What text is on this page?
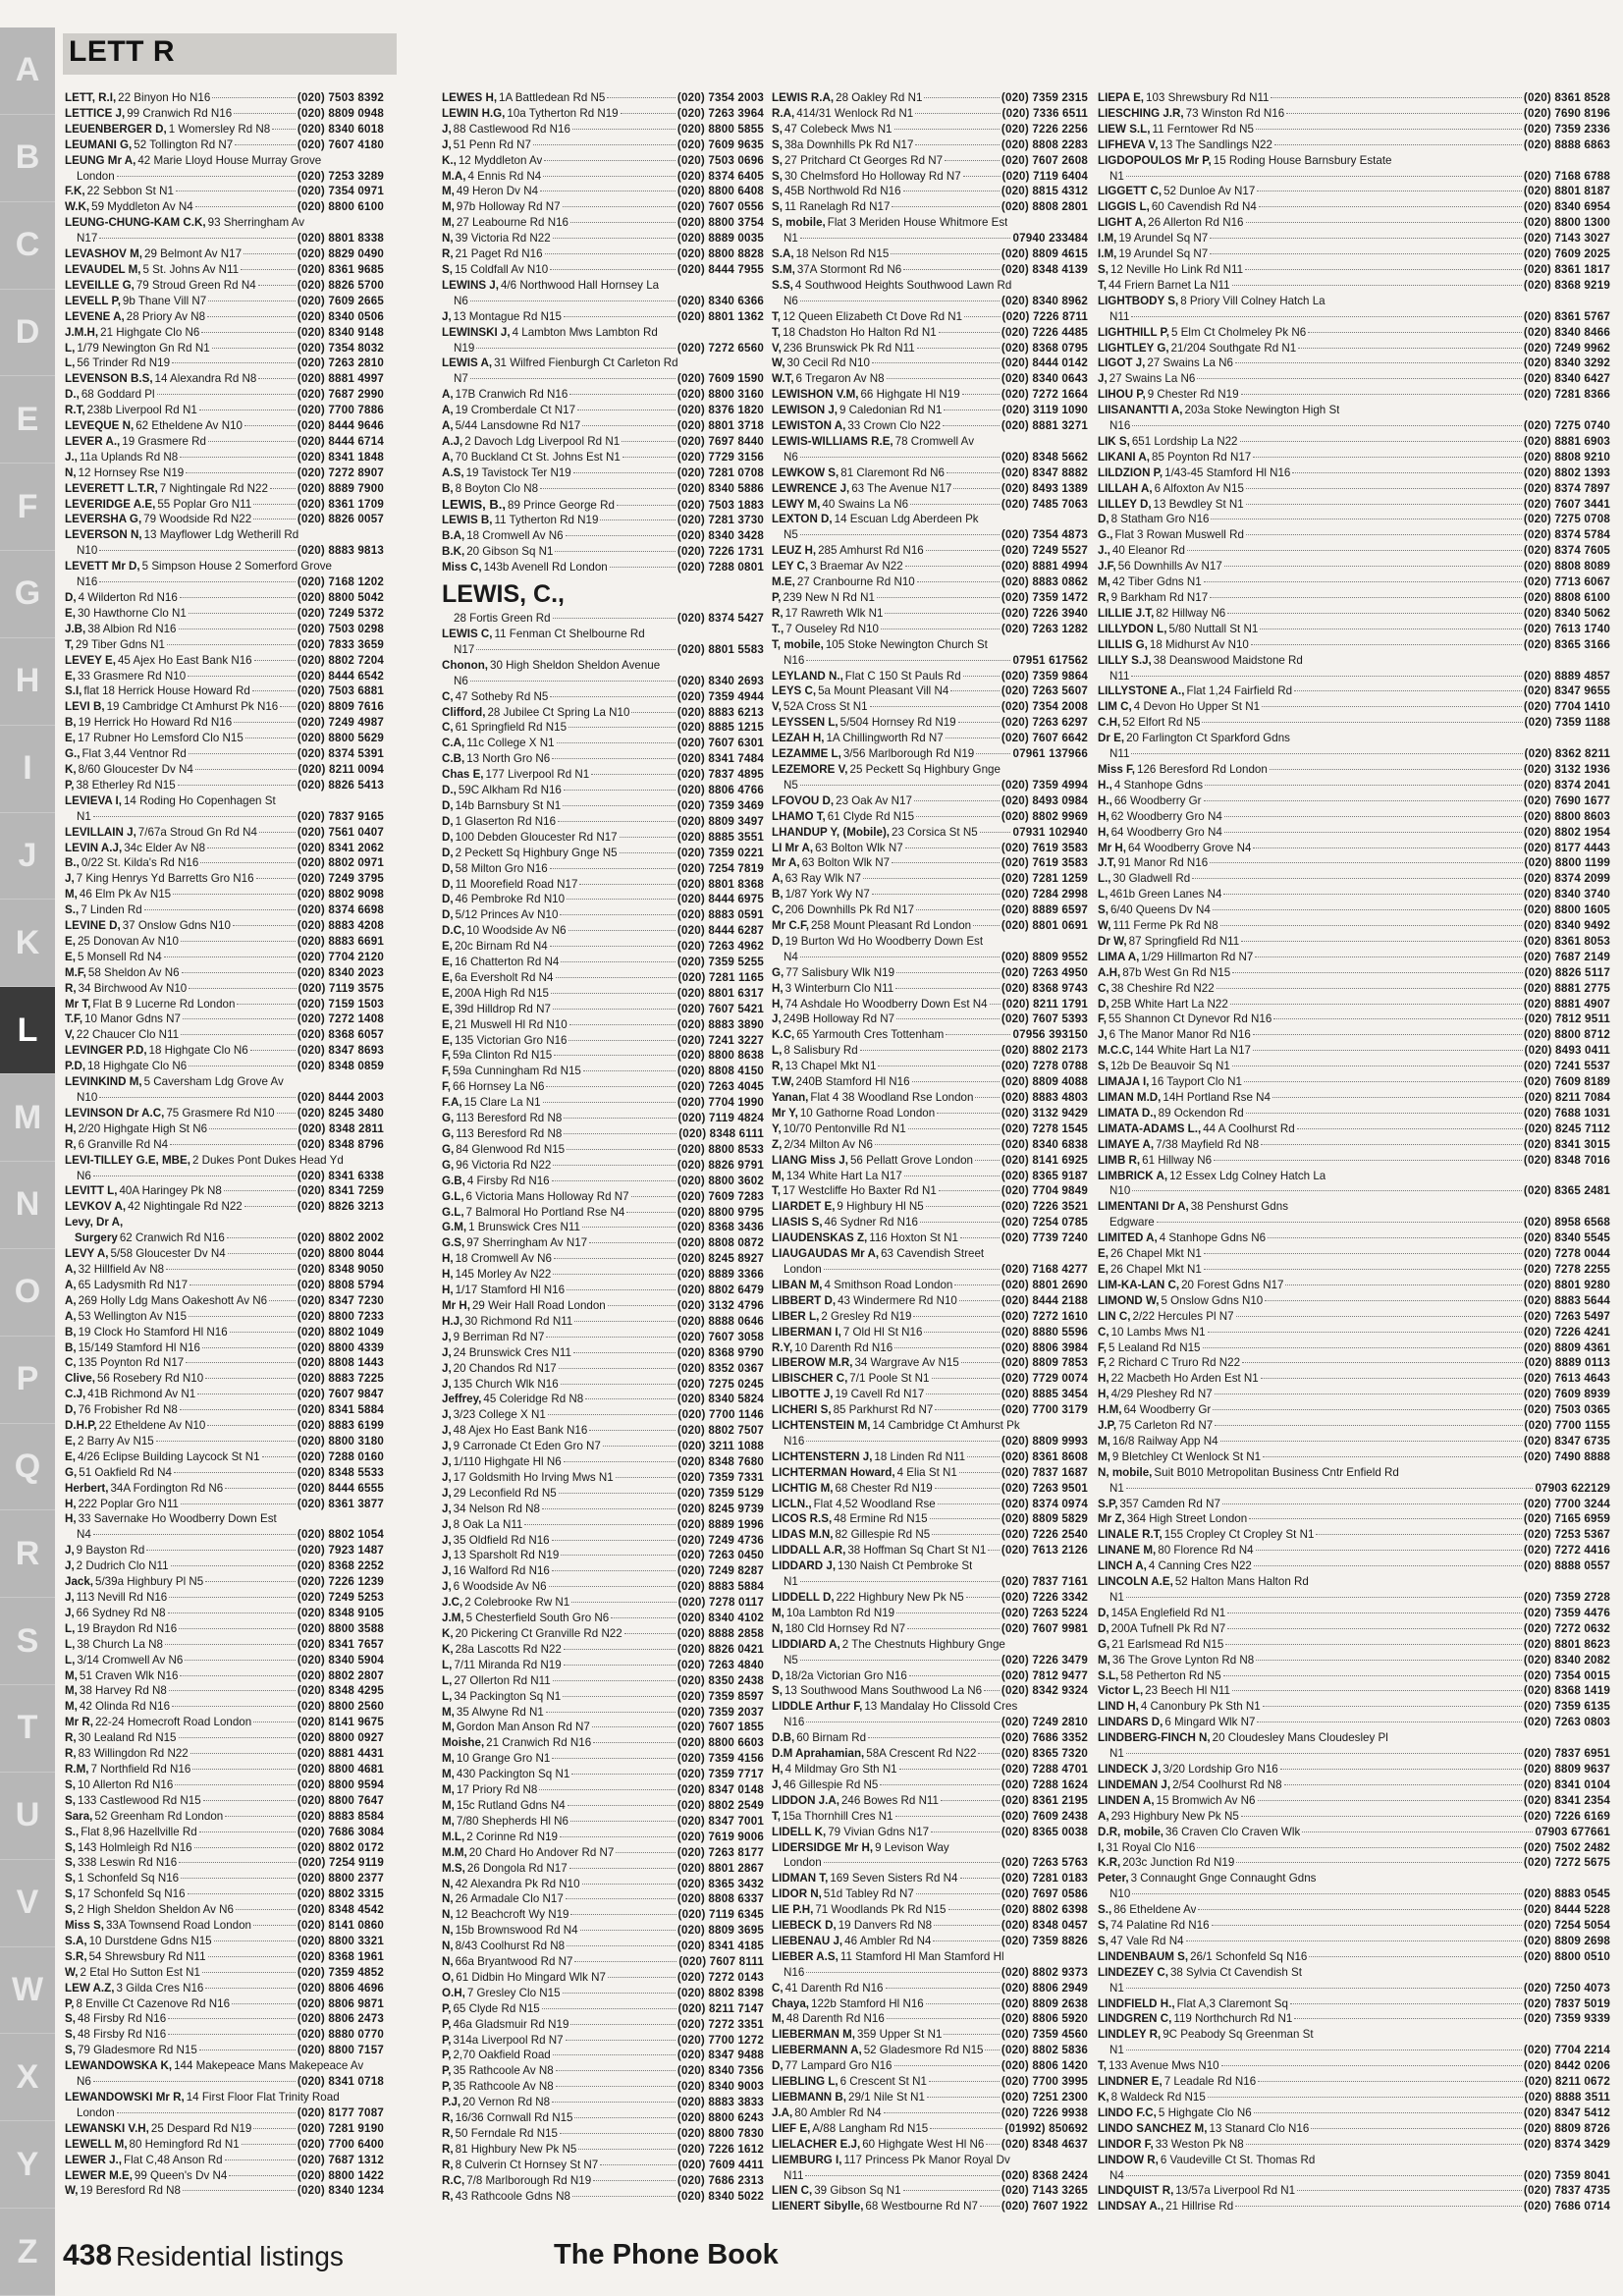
A
B
C
D
E
F
G
H
I
J
K
L
M
N
O
P
Q
R
S
T
U
V
W
X
Y
Z
LETT R
LETT, R.I, 22 Binyon Ho N16	(020) 7503 8392
LETTICE J, 99 Cranwich Rd N16	(020) 8809 0948
LEUENBERGER D, 1 Womersley Rd N8 (020) 8340 6018
LEUMANI G, 52 Tollington Rd N7	(020) 7607 4180
LEUNG Mr A, 42 Marie Lloyd House Murray Grove
London	(020) 7253 3289
F.K, 22 Sebbon St N1	(020) 7354 0971
W.K, 59 Myddleton Av N4	(020) 8800 6100
LEUNG-CHUNG-KAM C.K, 93 Sherringham Av
N17	(020) 8801 8338
LEVASHOV M, 29 Belmont Av N17	(020) 8829 0490
LEVAUDEL M, 5 St. Johns Av N11	(020) 8361 9685
LEVEILLE G, 79 Stroud Green Rd N4	(020) 8826 5700
LEVELL P, 9b Thane Vill N7	(020) 7609 2665
LEVENE A, 28 Priory Av N8	(020) 8340 0506
J.M.H, 21 Highgate Clo N6	(020) 8340 9148
L, 1/79 Newington Gn Rd N1	(020) 7354 8032
L, 56 Trinder Rd N19	(020) 7263 2810
LEVENSON B.S, 14 Alexandra Rd N8	(020) 8881 4997
D., 68 Goddard Pl	(020) 7687 2990
R.T, 238b Liverpool Rd N1	(020) 7700 7886
LEVEQUE N, 62 Etheldene Av N10	(020) 8444 9646
LEVER A., 19 Grasmere Rd	(020) 8444 6714
J., 11a Uplands Rd N8	(020) 8341 1848
N, 12 Hornsey Rse N19	(020) 7272 8907
LEVERETT L.T.R, 7 Nightingale Rd N22	(020) 8889 7900
LEVERIDGE A.E, 55 Poplar Gro N11	(020) 8361 1709
LEVERSHA G, 79 Woodside Rd N22	(020) 8826 0057
LEVERSON N, 13 Mayflower Ldg Wetherill Rd
N10	(020) 8883 9813
LEVETT Mr D, 5 Simpson House 2 Somerford Grove
N16	(020) 7168 1202
D, 4 Wilderton Rd N16	(020) 8800 5042
E, 30 Hawthorne Clo N1	(020) 7249 5372
J.B, 38 Albion Rd N16	(020) 7503 0298
T, 29 Tiber Gdns N1	(020) 7833 3659
LEVEY E, 45 Ajex Ho East Bank N16	(020) 8802 7204
E, 33 Grasmere Rd N10	(020) 8444 6542
S.I, flat 18 Herrick House Howard Rd	(020) 7503 6881
LEVI B, 19 Cambridge Ct Amhurst Pk N16 (020) 8809 7616
B, 19 Herrick Ho Howard Rd N16	(020) 7249 4987
E, 17 Rubner Ho Lemsford Clo N15	(020) 8800 5629
G., Flat 3,44 Ventnor Rd	(020) 8374 5391
K, 8/60 Gloucester Dv N4	(020) 8211 0094
P, 38 Etherley Rd N15	(020) 8826 5413
LEVIEVA I, 14 Roding Ho Copenhagen St
N1	(020) 7837 9165
LEVILLAIN J, 7/67a Stroud Gn Rd N4	(020) 7561 0407
LEVIN A.J, 34c Elder Av N8	(020) 8341 2062
B., 0/22 St. Kilda's Rd N16	(020) 8802 0971
J, 7 King Henrys Yd Barretts Gro N16	(020) 7249 3795
M, 46 Elm Pk Av N15	(020) 8802 9098
S., 7 Linden Rd	(020) 8374 6698
LEVINE D, 37 Onslow Gdns N10	(020) 8883 4208
E, 25 Donovan Av N10	(020) 8883 6691
E, 5 Monsell Rd N4	(020) 7704 2120
M.F, 58 Sheldon Av N6	(020) 8340 2023
R, 34 Birchwood Av N10	(020) 7119 3575
Mr T, Flat B 9 Lucerne Rd London	(020) 7159 1503
T.F, 10 Manor Gdns N7	(020) 7272 1408
V, 22 Chaucer Clo N11	(020) 8368 6057
LEVINGER P.D, 18 Highgate Clo N6	(020) 8347 8693
P.D, 18 Highgate Clo N6	(020) 8348 0859
LEVINKIND M, 5 Caversham Ldg Grove Av
N10	(020) 8444 2003
LEVINSON Dr A.C, 75 Grasmere Rd N10 (020) 8245 3480
H, 2/20 Highgate High St N6	(020) 8348 2811
R, 6 Granville Rd N4	(020) 8348 8796
LEVI-TILLEY G.E, MBE, 2 Dukes Pont Dukes Head Yd
N6	(020) 8341 6338
LEVITT L, 40A Haringey Pk N8	(020) 8341 7259
LEVKOV A, 42 Nightingale Rd N22	(020) 8826 3213
Levy, Dr A,
Surgery 62 Cranwich Rd N16	(020) 8802 2002
LEVY A, 5/58 Gloucester Dv N4	(020) 8800 8044
A, 32 Hillfield Av N8	(020) 8348 9050
A, 65 Ladysmith Rd N17	(020) 8808 5794
A, 269 Holly Ldg Mans Oakeshott Av N6	(020) 8347 7230
A, 53 Wellington Av N15	(020) 8800 7233
B, 19 Clock Ho Stamford Hl N16	(020) 8802 1049
B, 15/149 Stamford Hl N16	(020) 8800 4339
C, 135 Poynton Rd N17	(020) 8808 1443
Clive, 56 Rosebery Rd N10	(020) 8883 7225
C.J, 41B Richmond Av N1	(020) 7607 9847
D, 76 Frobisher Rd N8	(020) 8341 5884
D.H.P, 22 Etheldene Av N10	(020) 8883 6199
E, 2 Barry Av N15	(020) 8800 3180
E, 4/26 Eclipse Building Laycock St N1	(020) 7288 0160
G, 51 Oakfield Rd N4	(020) 8348 5533
Herbert, 34A Fordington Rd N6	(020) 8444 6555
H, 222 Poplar Gro N11	(020) 8361 3877
H, 33 Savernake Ho Woodberry Down Est
N4	(020) 8802 1054
J, 9 Bayston Rd	(020) 7923 1487
J, 2 Dudrich Clo N11	(020) 8368 2252
Jack, 5/39a Highbury Pl N5	(020) 7226 1239
J, 113 Nevill Rd N16	(020) 7249 5253
J, 66 Sydney Rd N8	(020) 8348 9105
L, 19 Braydon Rd N16	(020) 8800 3588
L, 38 Church La N8	(020) 8341 7657
L, 3/14 Cromwell Av N6	(020) 8340 5904
M, 51 Craven Wlk N16	(020) 8802 2807
M, 38 Harvey Rd N8	(020) 8348 4295
M, 42 Olinda Rd N16	(020) 8800 2560
Mr R, 22-24 Homecroft Road London	(020) 8141 9675
R, 30 Lealand Rd N15	(020) 8800 0927
R, 83 Willingdon Rd N22	(020) 8881 4431
R.M, 7 Northfield Rd N16	(020) 8800 4681
S, 10 Allerton Rd N16	(020) 8800 9594
S, 133 Castlewood Rd N15	(020) 8800 7647
Sara, 52 Greenham Rd London	(020) 8883 8584
S., Flat 8,96 Hazellville Rd	(020) 7686 3084
S, 143 Holmleigh Rd N16	(020) 8802 0172
S, 338 Leswin Rd N16	(020) 7254 9119
S, 1 Schonfeld Sq N16	(020) 8800 2377
S, 17 Schonfeld Sq N16	(020) 8802 3315
S, 2 High Sheldon Sheldon Av N6	(020) 8348 4542
Miss S, 33A Townsend Road London	(020) 8141 0860
S.A, 10 Durstdene Gdns N15	(020) 8800 3321
S.R, 54 Shrewsbury Rd N11	(020) 8368 1961
W, 2 Etal Ho Sutton Est N1	(020) 7359 4852
LEW A.Z, 3 Gilda Cres N16	(020) 8806 4696
P, 8 Enville Ct Cazenove Rd N16	(020) 8806 9871
S, 48 Firsby Rd N16	(020) 8806 2473
S, 48 Firsby Rd N16	(020) 8880 0770
S, 79 Gladesmore Rd N15	(020) 8800 7157
LEWANDOWSKA K, 144 Makepeace Mans Makepeace Av
N6	(020) 8341 0718
LEWANDOWSKI Mr R, 14 First Floor Flat Trinity Road
London	(020) 8177 7087
LEWANSKI V.H, 25 Despard Rd N19	(020) 7281 9190
LEWELL M, 80 Hemingford Rd N1	(020) 7700 6400
LEWER J., Flat C,48 Anson Rd	(020) 7687 1312
LEWER M.E, 99 Queen's Dv N4	(020) 8800 1422
W, 19 Beresford Rd N8	(020) 8340 1234
LEWES H, 1A Battledean Rd N5	(020) 7354 2003
LEWIN H.G, 10a Tytherton Rd N19	(020) 7263 3964
J, 88 Castlewood Rd N16	(020) 8800 5855
J, 51 Penn Rd N7	(020) 7609 9635
K., 12 Myddleton Av	(020) 7503 0696
M.A, 4 Ennis Rd N4	(020) 8374 6405
M, 49 Heron Dv N4	(020) 8800 6408
M, 97b Holloway Rd N7	(020) 7607 0556
M, 27 Leabourne Rd N16	(020) 8800 3754
N, 39 Victoria Rd N22	(020) 8889 0035
R, 21 Paget Rd N16	(020) 8800 8828
S, 15 Coldfall Av N10	(020) 8444 7955
LEWINS J, 4/6 Northwood Hall Hornsey La
N6	(020) 8340 6366
J, 13 Montague Rd N15	(020) 8801 1362
LEWINSKI J, 4 Lambton Mws Lambton Rd
N19	(020) 7272 6560
LEWIS A, 31 Wilfred Fienburgh Ct Carleton Rd
N7	(020) 7609 1590
A, 17B Cranwich Rd N16	(020) 8800 3160
A, 19 Cromberdale Ct N17	(020) 8376 1820
A, 5/44 Lansdowne Rd N17	(020) 8801 3718
A.J, 2 Davoch Ldg Liverpool Rd N1	(020) 7697 8440
A, 70 Buckland Ct St. Johns Est N1	(020) 7729 3156
A.S, 19 Tavistock Ter N19	(020) 7281 0708
B, 8 Boyton Clo N8	(020) 8340 5886
LEWIS, B., 89 Prince George Rd	(020) 7503 1883
LEWIS B, 11 Tytherton Rd N19	(020) 7281 3730
B.A, 18 Cromwell Av N6	(020) 8340 3428
B.K, 20 Gibson Sq N1	(020) 7226 1731
Miss C, 143b Avenell Rd London	(020) 7288 0801
LEWIS, C.,
28 Fortis Green Rd	(020) 8374 5427
LEWIS C, 11 Fenman Ct Shelbourne Rd
N17	(020) 8801 5583
Chonon, 30 High Sheldon Sheldon Avenue
N6	(020) 8340 2693
C, 47 Sotheby Rd N5	(020) 7359 4944
Clifford, 28 Jubilee Ct Spring La N10	(020) 8883 6213
C, 61 Springfield Rd N15	(020) 8885 1215
C.A, 11c College X N1	(020) 7607 6301
C.B, 13 North Gro N6	(020) 8341 7484
Chas E, 177 Liverpool Rd N1	(020) 7837 4895
D., 59C Alkham Rd N16	(020) 8806 4766
D, 14b Barnsbury St N1	(020) 7359 3469
D, 1 Glaserton Rd N16	(020) 8809 3497
D, 100 Debden Gloucester Rd N17	(020) 8885 3551
D, 2 Peckett Sq Highbury Gnge N5	(020) 7359 0221
D, 58 Milton Gro N16	(020) 7254 7819
D, 11 Moorefield Road N17	(020) 8801 8368
D, 46 Pembroke Rd N10	(020) 8444 6975
D, 5/12 Princes Av N10	(020) 8883 0591
D.C, 10 Woodside Av N6	(020) 8444 6287
E, 20c Birnam Rd N4	(020) 7263 4962
E, 16 Chatterton Rd N4	(020) 7359 5255
E, 6a Eversholt Rd N4	(020) 7281 1165
E, 200A High Rd N15	(020) 8801 6317
E, 39d Hilldrop Rd N7	(020) 7607 5421
E, 21 Muswell Hl Rd N10	(020) 8883 3890
E, 135 Victorian Gro N16	(020) 7241 3227
F, 59a Clinton Rd N15	(020) 8800 8638
F, 59a Cunningham Rd N15	(020) 8808 4150
F, 66 Hornsey La N6	(020) 7263 4045
F.A, 15 Clare La N1	(020) 7704 1990
G, 113 Beresford Rd N8	(020) 7119 4824
G, 113 Beresford Rd N8	(020) 8348 6111
G, 84 Glenwood Rd N15	(020) 8800 8533
G, 96 Victoria Rd N22	(020) 8826 9791
G.B, 4 Firsby Rd N16	(020) 8800 3602
G.L, 6 Victoria Mans Holloway Rd N7	(020) 7609 7283
G.L, 7 Balmoral Ho Portland Rse N4	(020) 8800 9795
G.M, 1 Brunswick Cres N11	(020) 8368 3436
G.S, 97 Sherringham Av N17	(020) 8808 0872
H, 18 Cromwell Av N6	(020) 8245 8927
H, 145 Morley Av N22	(020) 8889 3366
H, 1/17 Stamford Hl N16	(020) 8802 6479
Mr H, 29 Weir Hall Road London	(020) 3132 4796
H.J, 30 Richmond Rd N11	(020) 8888 0646
J, 9 Berriman Rd N7	(020) 7607 3058
J, 24 Brunswick Cres N11	(020) 8368 9790
J, 20 Chandos Rd N17	(020) 8352 0367
J, 135 Church Wlk N16	(020) 7275 0245
Jeffrey, 45 Coleridge Rd N8	(020) 8340 5824
J, 3/23 College X N1	(020) 7700 1146
J, 48 Ajex Ho East Bank N16	(020) 8802 7507
J, 9 Carronade Ct Eden Gro N7	(020) 3211 1088
J, 1/110 Highgate Hl N6	(020) 8348 7680
J, 17 Goldsmith Ho Irving Mws N1	(020) 7359 7331
J, 29 Leconfield Rd N5	(020) 7359 5129
J, 34 Nelson Rd N8	(020) 8245 9739
J, 8 Oak La N11	(020) 8889 1996
J, 35 Oldfield Rd N16	(020) 7249 4736
J, 13 Sparsholt Rd N19	(020) 7263 0450
J, 16 Walford Rd N16	(020) 7249 8287
J, 6 Woodside Av N6	(020) 8883 5884
J.C, 2 Colebrooke Rw N1	(020) 7278 0117
J.M, 5 Chesterfield South Gro N6	(020) 8340 4102
K, 20 Pickering Ct Granville Rd N22	(020) 8888 2858
K, 28a Lascotts Rd N22	(020) 8826 0421
L, 7/11 Miranda Rd N19	(020) 7263 4840
L, 27 Ollerton Rd N11	(020) 8350 2438
L, 34 Packington Sq N1	(020) 7359 8597
M, 35 Alwyne Rd N1	(020) 7359 2037
M, Gordon Man Anson Rd N7	(020) 7607 1855
Moishe, 21 Cranwich Rd N16	(020) 8800 6603
M, 10 Grange Gro N1	(020) 7359 4156
M, 430 Packington Sq N1	(020) 7359 7717
M, 17 Priory Rd N8	(020) 8347 0148
M, 15c Rutland Gdns N4	(020) 8802 2549
M, 7/80 Shepherds Hl N6	(020) 8347 7001
M.L, 2 Corinne Rd N19	(020) 7619 9006
M.M, 20 Chard Ho Andover Rd N7	(020) 7263 8177
M.S, 26 Dongola Rd N17	(020) 8801 2867
N, 42 Alexandra Pk Rd N10	(020) 8365 3432
N, 26 Armadale Clo N17	(020) 8808 6337
N, 12 Beachcroft Wy N19	(020) 7119 6345
N, 15b Brownswood Rd N4	(020) 8809 3695
N, 8/43 Coolhurst Rd N8	(020) 8341 4185
N, 66a Bryantwood Rd N7	(020) 7607 8111
O, 61 Didbin Ho Mingard Wlk N7	(020) 7272 0143
O.H, 7 Gresley Clo N15	(020) 8802 8398
P, 65 Clyde Rd N15	(020) 8211 7147
P, 46a Gladsmuir Rd N19	(020) 7272 3351
P, 314a Liverpool Rd N7	(020) 7700 1272
P, 2,70 Oakfield Road	(020) 8347 9488
P, 35 Rathcoole Av N8	(020) 8340 7356
P, 35 Rathcoole Av N8	(020) 8340 9003
P.J, 20 Vernon Rd N8	(020) 8883 3833
R, 16/36 Cornwall Rd N15	(020) 8800 6243
R, 50 Ferndale Rd N15	(020) 8800 7830
R, 81 Highbury New Pk N5	(020) 7226 1612
R, 8 Culverin Ct Hornsey St N7	(020) 7609 4411
R.C, 7/8 Marlborough Rd N19	(020) 7686 2313
R, 43 Rathcoole Gdns N8	(020) 8340 5022
LEWIS R.A, 28 Oakley Rd N1	(020) 7359 2315
R.A, 414/31 Wenlock Rd N1	(020) 7336 6511
S, 47 Colebeck Mws N1	(020) 7226 2256
S, 38a Downhills Pk Rd N17	(020) 8808 2283
S, 27 Pritchard Ct Georges Rd N7	(020) 7607 2608
S, 30 Chelmsford Ho Holloway Rd N7	(020) 7119 6404
S, 45B Northwold Rd N16	(020) 8815 4312
S, 11 Ranelagh Rd N17	(020) 8808 2801
S, mobile, Flat 3 Meriden House Whitmore Est
N1	07940 233484
S.A, 18 Nelson Rd N15	(020) 8809 4615
S.M, 37A Stormont Rd N6	(020) 8348 4139
S.S, 4 Southwood Heights Southwood Lawn Rd
N6	(020) 8340 8962
T, 12 Queen Elizabeth Ct Dove Rd N1	(020) 7226 8711
T, 18 Chadston Ho Halton Rd N1	(020) 7226 4485
V, 236 Brunswick Pk Rd N11	(020) 8368 0795
W, 30 Cecil Rd N10	(020) 8444 0142
W.T, 6 Tregaron Av N8	(020) 8340 0643
LEWISHON V.M, 66 Highgate Hl N19	(020) 7272 1664
LEWISON J, 9 Caledonian Rd N1	(020) 3119 1090
LEWISTON A, 33 Crown Clo N22	(020) 8881 3271
LEWIS-WILLIAMS R.E, 78 Cromwell Av
N6	(020) 8348 5662
LEWKOW S, 81 Claremont Rd N6	(020) 8347 8882
LEWRENCE J, 63 The Avenue N17	(020) 8493 1389
LEWY M, 40 Swains La N6	(020) 7485 7063
LEXTON D, 14 Escuan Ldg Aberdeen Pk
N5	(020) 7354 4873
LEUZ H, 285 Amhurst Rd N16	(020) 7249 5527
LEY C, 3 Braemar Av N22	(020) 8881 4994
M.E, 27 Cranbourne Rd N10	(020) 8883 0862
P, 239 New N Rd N1	(020) 7359 1472
R, 17 Rawreth Wlk N1	(020) 7226 3940
T., 7 Ouseley Rd N10	(020) 7263 1282
T, mobile, 105 Stoke Newington Church St
N16	07951 617562
LEYLAND N., Flat C 150 St Pauls Rd	(020) 7359 9864
LEYS C, 5a Mount Pleasant Vill N4	(020) 7263 5607
V, 52A Cross St N1	(020) 7354 2008
LEYSSEN L, 5/504 Hornsey Rd N19	(020) 7263 6297
LEZAH H, 1A Chillingworth Rd N7	(020) 7607 6642
LEZAMME L, 3/56 Marlborough Rd N19	07961 137966
LEZEMORE V, 25 Peckett Sq Highbury Gnge
N5	(020) 7359 4994
LFOVOU D, 23 Oak Av N17	(020) 8493 0984
LHAMO T, 61 Clyde Rd N15	(020) 8802 9969
LHANDUP Y, (Mobile), 23 Corsica St N5	07931 102940
LI Mr A, 63 Bolton Wlk N7	(020) 7619 3583
Mr A, 63 Bolton Wlk N7	(020) 7619 3583
A, 63 Ray Wlk N7	(020) 7281 1259
B, 1/87 York Wy N7	(020) 7284 2998
C, 206 Downhills Pk Rd N17	(020) 8889 6597
Mr C.F, 258 Mount Pleasant Rd London	(020) 8801 0691
D, 19 Burton Wd Ho Woodberry Down Est
N4	(020) 8809 9552
G, 77 Salisbury Wlk N19	(020) 7263 4950
H, 3 Winterburn Clo N11	(020) 8368 9743
H, 74 Ashdale Ho Woodberry Down Est N4 (020) 8211 1791
J, 249B Holloway Rd N7	(020) 7607 5393
K.C, 65 Yarmouth Cres Tottenham	07956 393150
L, 8 Salisbury Rd	(020) 8802 2173
R, 13 Chapel Mkt N1	(020) 7278 0788
T.W, 240B Stamford Hl N16	(020) 8809 4088
Yanan, Flat 4 38 Woodland Rse London (020) 8883 4803
Mr Y, 10 Gathorne Road London	(020) 3132 9429
Y, 10/70 Pentonville Rd N1	(020) 7278 1545
Z, 2/34 Milton Av N6	(020) 8340 6838
LIANG Miss J, 56 Pellatt Grove London (020) 8141 6925
M, 134 White Hart La N17	(020) 8365 9187
T, 17 Westcliffe Ho Baxter Rd N1	(020) 7704 9849
LIARDET E, 9 Highbury Hl N5	(020) 7226 3521
LIASIS S, 46 Sydner Rd N16	(020) 7254 0785
LIAUDENSKAS Z, 116 Hoxton St N1	(020) 7739 7240
LIAUGAUDAS Mr A, 63 Cavendish Street
London	(020) 7168 4277
LIBAN M, 4 Smithson Road London	(020) 8801 2690
LIBBERT D, 43 Windermere Rd N10	(020) 8444 2188
LIBER L, 2 Gresley Rd N19	(020) 7272 1610
LIBERMAN I, 7 Old Hl St N16	(020) 8880 5596
R.Y, 10 Darenth Rd N16	(020) 8806 3984
LIBEROW M.R, 34 Wargrave Av N15	(020) 8809 7853
LIBISCHER C, 7/1 Poole St N1	(020) 7729 0074
LIBOTTE J, 19 Cavell Rd N17	(020) 8885 3454
LICHERI S, 85 Parkhurst Rd N7	(020) 7700 3179
LICHTENSTEIN M, 14 Cambridge Ct Amhurst Pk
N16	(020) 8809 9993
LICHTENSTERN J, 18 Linden Rd N11	(020) 8361 8608
LICHTERMAN Howard, 4 Elia St N1	(020) 7837 1687
LICHTIG M, 68 Chester Rd N19	(020) 7263 9501
LICLN., Flat 4,52 Woodland Rse	(020) 8374 0974
LICOS R.S, 48 Ermine Rd N15	(020) 8809 5829
LIDAS M.N, 82 Gillespie Rd N5	(020) 7226 2540
LIDDALL A.R, 38 Hoffman Sq Chart St N1 (020) 7613 2126
LIDDARD J, 130 Naish Ct Pembroke St
N1	(020) 7837 7161
LIDDELL D, 222 Highbury New Pk N5	(020) 7226 3342
M, 10a Lambton Rd N19	(020) 7263 5224
N, 180 Cld Hornsey Rd N7	(020) 7607 9981
LIDDIARD A, 2 The Chestnuts Highbury Gnge
N5	(020) 7226 3479
D, 18/2a Victorian Gro N16	(020) 7812 9477
S, 13 Southwood Mans Southwood La N6 (020) 8342 9324
LIDDLE Arthur F, 13 Mandalay Ho Clissold Cres
N16	(020) 7249 2810
D.B, 60 Birnam Rd	(020) 7686 3352
D.M Aprahamian, 58A Crescent Rd N22 (020) 8365 7320
H, 4 Mildmay Gro Sth N1	(020) 7288 4701
J, 46 Gillespie Rd N5	(020) 7288 1624
LIDDON J.A, 246 Bowes Rd N11	(020) 8361 2195
T, 15a Thornhill Cres N1	(020) 7609 2438
LIDELL K, 79 Vivian Gdns N17	(020) 8365 0038
LIDERSIDGE Mr H, 9 Levison Way
London	(020) 7263 5763
LIDMAN T, 169 Seven Sisters Rd N4	(020) 7281 0183
LIDOR N, 51d Tabley Rd N7	(020) 7697 0586
LIE P.H, 71 Woodlands Pk Rd N15	(020) 8802 6398
LIEBECK D, 19 Danvers Rd N8	(020) 8348 0457
LIEBENAU J, 46 Ambler Rd N4	(020) 7359 8826
LIEBER A.S, 11 Stamford Hl Man Stamford Hl
N16	(020) 8802 9373
C, 41 Darenth Rd N16	(020) 8806 2949
Chaya, 122b Stamford Hl N16	(020) 8809 2638
M, 48 Darenth Rd N16	(020) 8806 5920
LIEBERMAN M, 359 Upper St N1	(020) 7359 4560
LIEBERMANN A, 52 Gladesmore Rd N15 (020) 8802 5836
D, 77 Lampard Gro N16	(020) 8806 1420
LIEBLING L, 6 Crescent St N1	(020) 7700 3995
LIEBMANN B, 29/1 Nile St N1	(020) 7251 2300
J.A, 80 Ambler Rd N4	(020) 7226 9938
LIEF E, A/88 Langham Rd N15	(01992) 850692
LIELACHER E.J, 60 Highgate West Hl N6 (020) 8348 4637
LIEMBURG I, 117 Princess Pk Manor Royal Dv
N11	(020) 8368 2424
LIEN C, 39 Gibson Sq N1	(020) 7143 3265
LIENERT Sibylle, 68 Westbourne Rd N7 (020) 7607 1922
LIEPA E, 103 Shrewsbury Rd N11	(020) 8361 8528
LIESCHING J.R, 73 Winston Rd N16	(020) 7690 8196
LIEW S.L, 11 Ferntower Rd N5	(020) 7359 2336
LIFHEVA V, 13 The Sandlings N22	(020) 8888 6863
LIGDOPOULOS Mr P, 15 Roding House Barnsbury Estate
N1	(020) 7168 6788
LIGGETT C, 52 Dunloe Av N17	(020) 8801 8187
LIGGIS L, 60 Cavendish Rd N4	(020) 8340 6954
LIGHT A, 26 Allerton Rd N16	(020) 8800 1300
I.M, 19 Arundel Sq N7	(020) 7143 3027
I.M, 19 Arundel Sq N7	(020) 7609 2025
S, 12 Neville Ho Link Rd N11	(020) 8361 1817
T, 44 Friern Barnet La N11	(020) 8368 9219
LIGHTBODY S, 8 Priory Vill Colney Hatch La
N11	(020) 8361 5767
LIGHTHILL P, 5 Elm Ct Cholmeley Pk N6	(020) 8340 8466
LIGHTLEY G, 21/204 Southgate Rd N1	(020) 7249 9962
LIGOT J, 27 Swains La N6	(020) 8340 3292
J, 27 Swains La N6	(020) 8340 6427
LIHOU P, 9 Chester Rd N19	(020) 7281 8366
LIISANANTTI A, 203a Stoke Newington High St
N16	(020) 7275 0740
LIK S, 651 Lordship La N22	(020) 8881 6903
LIKANI A, 85 Poynton Rd N17	(020) 8808 9210
LILDZION P, 1/43-45 Stamford Hl N16	(020) 8802 1393
LILLAH A, 6 Alfoxton Av N15	(020) 8374 7897
LILLEY D, 13 Bewdley St N1	(020) 7607 3441
D, 8 Statham Gro N16	(020) 7275 0708
G., Flat 3 Rowan Muswell Rd	(020) 8374 5784
J., 40 Eleanor Rd	(020) 8374 7605
J.F, 56 Downhills Av N17	(020) 8808 8089
M, 42 Tiber Gdns N1	(020) 7713 6067
R, 9 Barkham Rd N17	(020) 8808 6100
LILLIE J.T, 82 Hillway N6	(020) 8340 5062
LILLYDON L, 5/80 Nuttall St N1	(020) 7613 1740
LILLIS G, 18 Midhurst Av N10	(020) 8365 3166
LILLY S.J, 38 Deanswood Maidstone Rd
N11	(020) 8889 4857
LILLYSTONE A., Flat 1,24 Fairfield Rd	(020) 8347 9655
LIM C, 4 Devon Ho Upper St N1	(020) 7704 1410
C.H, 52 Elfort Rd N5	(020) 7359 1188
Dr E, 20 Farlington Ct Sparkford Gdns
N11	(020) 8362 8211
Miss F, 126 Beresford Rd London	(020) 3132 1936
H., 4 Stanhope Gdns	(020) 8374 2041
H., 66 Woodberry Gr	(020) 7690 1677
H, 62 Woodberry Gro N4	(020) 8800 8603
H, 64 Woodberry Gro N4	(020) 8802 1954
Mr H, 64 Woodberry Grove N4	(020) 8177 4443
J.T, 91 Manor Rd N16	(020) 8800 1199
L., 30 Gladwell Rd	(020) 8374 2099
L, 461b Green Lanes N4	(020) 8340 3740
S, 6/40 Queens Dv N4	(020) 8800 1605
W, 111 Ferme Pk Rd N8	(020) 8340 9492
Dr W, 87 Springfield Rd N11	(020) 8361 8053
LIMA A, 1/29 Hillmarton Rd N7	(020) 7687 2149
A.H, 87b West Gn Rd N15	(020) 8826 5117
C, 38 Cheshire Rd N22	(020) 8881 2775
D, 25B White Hart La N22	(020) 8881 4907
F, 55 Shannon Ct Dynevor Rd N16	(020) 7812 9511
J, 6 The Manor Manor Rd N16	(020) 8800 8712
M.C.C, 144 White Hart La N17	(020) 8493 0411
S, 12b De Beauvoir Sq N1	(020) 7241 5537
LIMAJA I, 16 Tayport Clo N1	(020) 7609 8189
LIMAN M.D, 14H Portland Rse N4	(020) 8211 7084
LIMATA D., 89 Ockendon Rd	(020) 7688 1031
LIMATA-ADAMS L., 44 A Coolhurst Rd	(020) 8245 7112
LIMAYE A, 7/38 Mayfield Rd N8	(020) 8341 3015
LIMB R, 61 Hillway N6	(020) 8348 7016
LIMBRICK A, 12 Essex Ldg Colney Hatch La
N10	(020) 8365 2481
LIMENTANI Dr A, 38 Penshurst Gdns
Edgware	(020) 8958 6568
LIMITED A, 4 Stanhope Gdns N6	(020) 8340 5545
E, 26 Chapel Mkt N1	(020) 7278 0044
E, 26 Chapel Mkt N1	(020) 7278 2255
LIM-KA-LAN C, 20 Forest Gdns N17	(020) 8801 9280
LIMOND W, 5 Onslow Gdns N10	(020) 8883 5644
LIN C, 2/22 Hercules Pl N7	(020) 7263 5497
C, 10 Lambs Mws N1	(020) 7226 4241
F, 5 Lealand Rd N15	(020) 8809 4361
F, 2 Richard C Truro Rd N22	(020) 8889 0113
H, 22 Macbeth Ho Arden Est N1	(020) 7613 4643
H, 4/29 Pleshey Rd N7	(020) 7609 8939
H.M, 64 Woodberry Gr	(020) 7503 0365
J.P, 75 Carleton Rd N7	(020) 7700 1155
M, 16/8 Railway App N4	(020) 8347 6735
M, 9 Bletchley Ct Wenlock St N1	(020) 7490 8888
N, mobile, Suit B010 Metropolitan Business Cntr Enfield Rd
N1	07903 622129
S.P, 357 Camden Rd N7	(020) 7700 3244
Mr Z, 364 High Street London	(020) 7165 6959
LINALE R.T, 155 Cropley Ct Cropley St N1	(020) 7253 5367
LINANE M, 80 Florence Rd N4	(020) 7272 4416
LINCH A, 4 Canning Cres N22	(020) 8888 0557
LINCOLN A.E, 52 Halton Mans Halton Rd
N1	(020) 7359 2728
D, 145A Englefield Rd N1	(020) 7359 4476
D, 200A Tufnell Pk Rd N7	(020) 7272 0632
G, 21 Earlsmead Rd N15	(020) 8801 8623
M, 36 The Grove Lynton Rd N8	(020) 8340 2082
S.L, 58 Petherton Rd N5	(020) 7354 0015
Victor L, 23 Beech Hl N11	(020) 8368 1419
LIND H, 4 Canonbury Pk Sth N1	(020) 7359 6135
LINDARS D, 6 Mingard Wlk N7	(020) 7263 0803
LINDBERG-FINCH N, 20 Cloudesley Mans Cloudesley Pl
N1	(020) 7837 6951
LINDECK J, 3/20 Lordship Gro N16	(020) 8809 9637
LINDEMAN J, 2/54 Coolhurst Rd N8	(020) 8341 0104
LINDEN A, 15 Bromwich Av N6	(020) 8341 2354
A, 293 Highbury New Pk N5	(020) 7226 6169
D.R, mobile, 36 Craven Clo Craven Wlk	07903 677661
I, 31 Royal Clo N16	(020) 7502 2482
K.R, 203c Junction Rd N19	(020) 7272 5675
Peter, 3 Connaught Gnge Connaught Gdns
N10	(020) 8883 0545
S., 86 Etheldene Av	(020) 8444 5228
S, 74 Palatine Rd N16	(020) 7254 5054
S, 47 Vale Rd N4	(020) 8809 2698
LINDENBAUM S, 26/1 Schonfeld Sq N16	(020) 8800 0510
LINDEZEY C, 38 Sylvia Ct Cavendish St
N1	(020) 7250 4073
LINDFIELD H., Flat A,3 Claremont Sq	(020) 7837 5019
LINDGREN C, 119 Northchurch Rd N1	(020) 7359 9339
LINDLEY R, 9C Peabody Sq Greenman St
N1	(020) 7704 2214
T, 133 Avenue Mws N10	(020) 8442 0206
LINDNER E, 7 Leadale Rd N16	(020) 8211 0672
K, 8 Waldeck Rd N15	(020) 8888 3511
LINDO F.C, 5 Highgate Clo N6	(020) 8347 5412
LINDO SANCHEZ M, 13 Stanard Clo N16	(020) 8809 8726
LINDOR F, 33 Weston Pk N8	(020) 8374 3429
LINDOW R, 6 Vaudeville Ct St. Thomas Rd
N4	(020) 7359 8041
LINDQUIST R, 13/57a Liverpool Rd N1	(020) 7837 4735
LINDSAY A., 21 Hillrise Rd	(020) 7686 0714
438 Residential listings	The Phone Book
